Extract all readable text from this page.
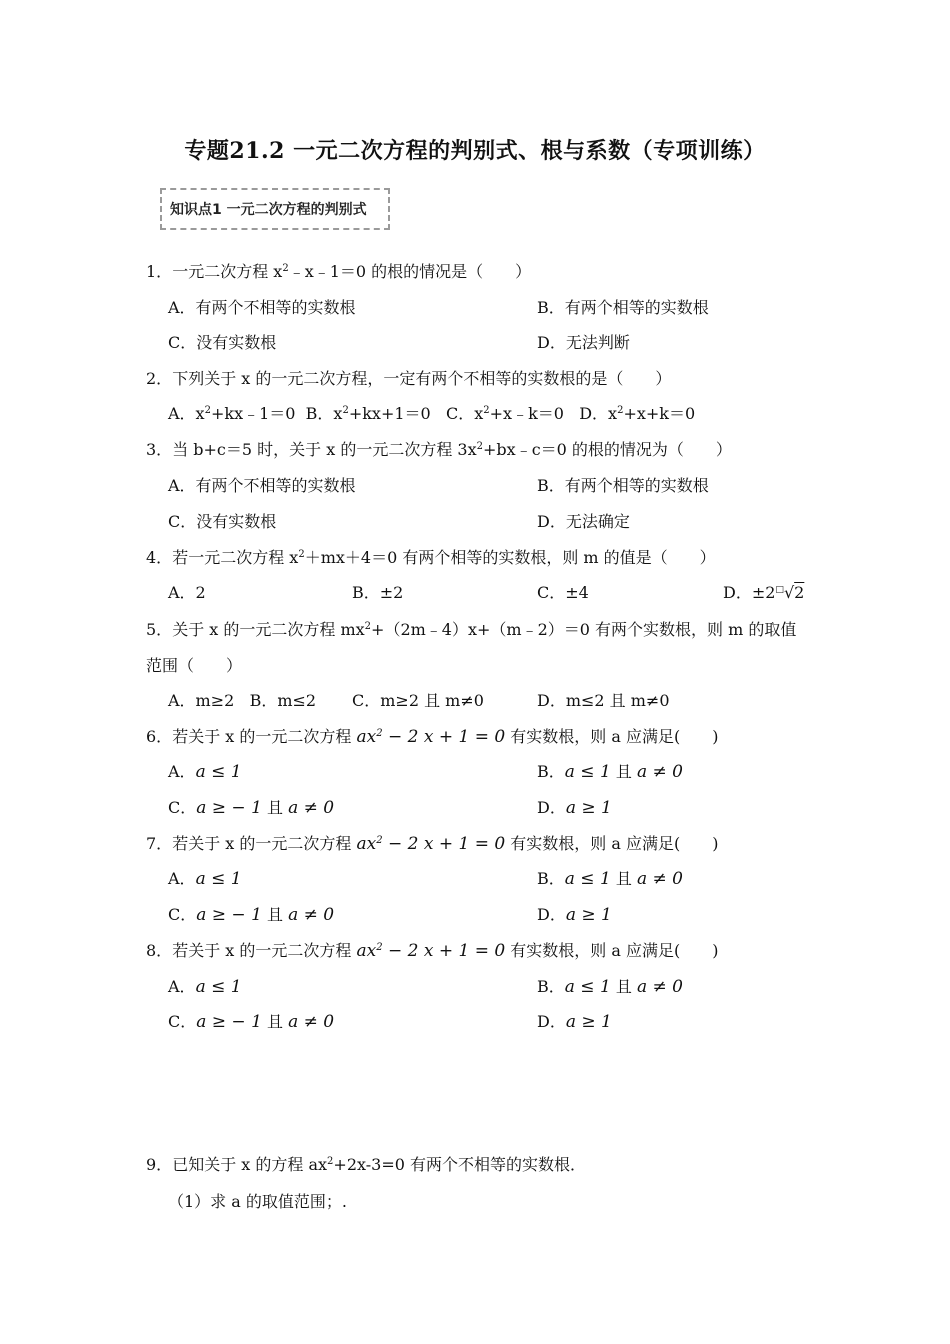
专题21.2 一元二次方程的判别式、根与系数（专项训练）
知识点1 一元二次方程的判别式
1．一元二次方程 $x^2﹣x﹣1=0$ 的根的情况是（　　）
A．有两个不相等的实数根	B．有两个相等的实数根
C．没有实数根	D．无法判断
2．下列关于 x 的一元二次方程，一定有两个不相等的实数根的是（　　）
A．$x^2+kx﹣1=0$ B．$x^2+kx+1=0$ C．$x^2+x﹣k=0$ D．$x^2+x+k=0$
3．当 b+c＝5 时，关于 x 的一元二次方程 $3x^2+bx﹣c=0$ 的根的情况为（　　）
A．有两个不相等的实数根	B．有两个相等的实数根
C．没有实数根	D．无法确定
4．若一元二次方程 $x^2+mx+4=0$ 有两个相等的实数根，则 m 的值是（　　）
A．2	B．±2	C．±4	D．±2□√2
5．关于 x 的一元二次方程 $mx^2+(2m﹣4)x+(m﹣2)=0$ 有两个实数根，则 m 的取值
范围（　　）
A．m≥2 B．m≤2 C．m≥2 且 m≠0	D．m≤2 且 m≠0
6．若关于 x 的一元二次方程 $ax^2 - 2$ x + 1 = 0 有实数根，则 a 应满足(　　)
A．a ≤ 1	B．a ≤ 1 且 a ≠ 0
C．a ≥ − 1 且 a ≠ 0	D．a ≥ 1
7．若关于 x 的一元二次方程 $ax^2 - 2$ x + 1 = 0 有实数根，则 a 应满足(　　)
A．a ≤ 1	B．a ≤ 1 且 a ≠ 0
C．a ≥ − 1 且 a ≠ 0	D．a ≥ 1
8．若关于 x 的一元二次方程 $ax^2 - 2$ x + 1 = 0 有实数根，则 a 应满足(　　)
A．a ≤ 1	B．a ≤ 1 且 a ≠ 0
C．a ≥ − 1 且 a ≠ 0	D．a ≥ 1
9．已知关于 x 的方程 $ax^2+2x-3=0$ 有两个不相等的实数根．
（1）求 a 的取值范围；.
